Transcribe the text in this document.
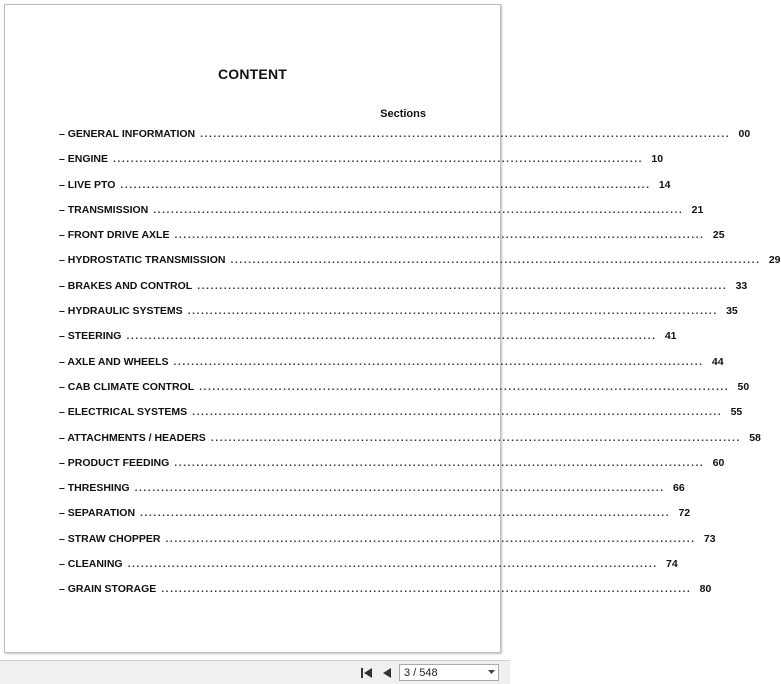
CONTENT
Sections
– GENERAL INFORMATION ........................................................................................................................ 00
– ENGINE ........................................................................................................................ 10
– LIVE PTO ........................................................................................................................ 14
– TRANSMISSION ........................................................................................................................ 21
– FRONT DRIVE AXLE ........................................................................................................................ 25
– HYDROSTATIC TRANSMISSION ........................................................................................................................ 29
– BRAKES AND CONTROL ........................................................................................................................ 33
– HYDRAULIC SYSTEMS ........................................................................................................................ 35
– STEERING ........................................................................................................................ 41
– AXLE AND WHEELS ........................................................................................................................ 44
– CAB CLIMATE CONTROL ........................................................................................................................ 50
– ELECTRICAL SYSTEMS ........................................................................................................................ 55
– ATTACHMENTS / HEADERS ........................................................................................................................ 58
– PRODUCT FEEDING ........................................................................................................................ 60
– THRESHING ........................................................................................................................ 66
– SEPARATION ........................................................................................................................ 72
– STRAW CHOPPER ........................................................................................................................ 73
– CLEANING ........................................................................................................................ 74
– GRAIN STORAGE ........................................................................................................................ 80
3 / 548
